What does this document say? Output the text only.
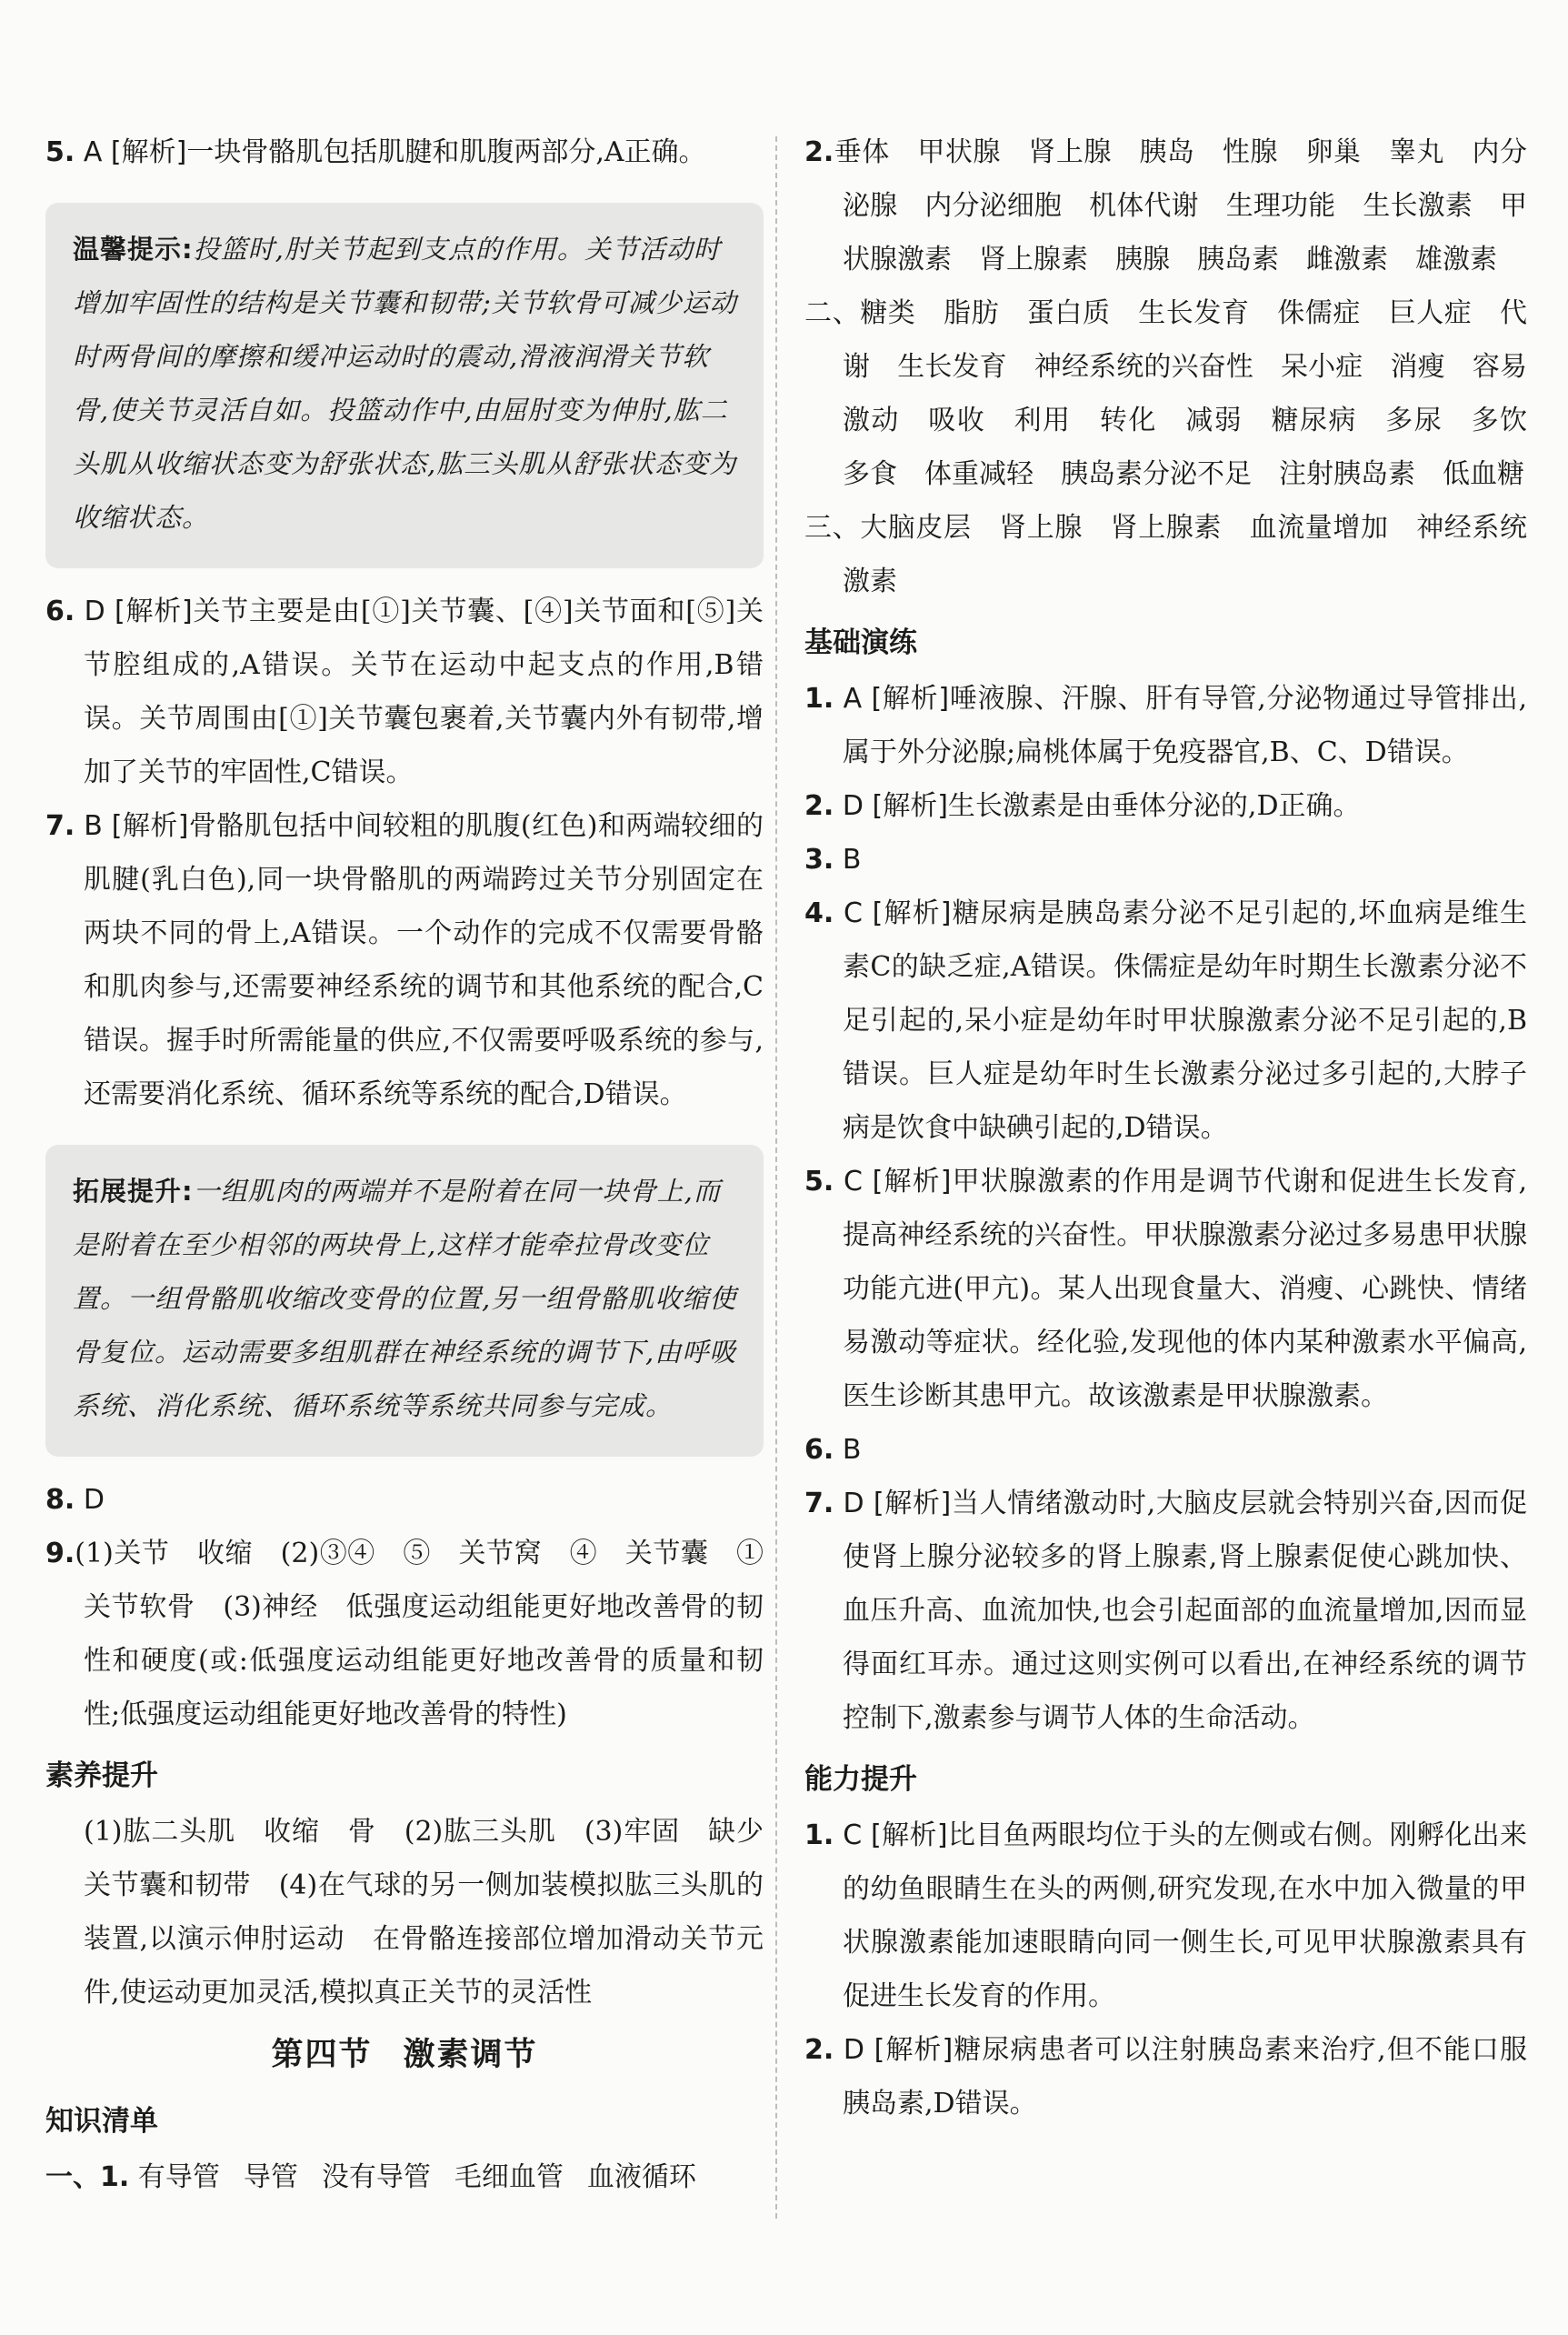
5. A [解析]一块骨骼肌包括肌腱和肌腹两部分,A正确。

温馨提示:投篮时,肘关节起到支点的作用。关节活动时增加牢固性的结构是关节囊和韧带;关节软骨可减少运动时两骨间的摩擦和缓冲运动时的震动,滑液润滑关节软骨,使关节灵活自如。投篮动作中,由屈肘变为伸肘,肱二头肌从收缩状态变为舒张状态,肱三头肌从舒张状态变为收缩状态。

6. D [解析]关节主要是由[①]关节囊、[④]关节面和[⑤]关节腔组成的,A错误。关节在运动中起支点的作用,B错误。关节周围由[①]关节囊包裹着,关节囊内外有韧带,增加了关节的牢固性,C错误。

7. B [解析]骨骼肌包括中间较粗的肌腹(红色)和两端较细的肌腱(乳白色),同一块骨骼肌的两端跨过关节分别固定在两块不同的骨上,A错误。一个动作的完成不仅需要骨骼和肌肉参与,还需要神经系统的调节和其他系统的配合,C错误。握手时所需能量的供应,不仅需要呼吸系统的参与,还需要消化系统、循环系统等系统的配合,D错误。

拓展提升:一组肌肉的两端并不是附着在同一块骨上,而是附着在至少相邻的两块骨上,这样才能牵拉骨改变位置。一组骨骼肌收缩改变骨的位置,另一组骨骼肌收缩使骨复位。运动需要多组肌群在神经系统的调节下,由呼吸系统、消化系统、循环系统等系统共同参与完成。

8. D

9.(1)关节　收缩　(2)③④　⑤　关节窝　④　关节囊　①　关节软骨　(3)神经　低强度运动组能更好地改善骨的韧性和硬度(或:低强度运动组能更好地改善骨的质量和韧性;低强度运动组能更好地改善骨的特性)

素养提升

(1)肱二头肌　收缩　骨　(2)肱三头肌　(3)牢固　缺少关节囊和韧带　(4)在气球的另一侧加装模拟肱三头肌的装置,以演示伸肘运动　在骨骼连接部位增加滑动关节元件,使运动更加灵活,模拟真正关节的灵活性

第四节 激素调节
知识清单

一、1. 有导管 导管 没有导管 毛细血管 血液循环

2.垂体　甲状腺　肾上腺　胰岛　性腺　卵巢　睾丸　内分泌腺　内分泌细胞　机体代谢　生理功能　生长激素　甲状腺激素　肾上腺素　胰腺　胰岛素　雌激素　雄激素

二、糖类　脂肪　蛋白质　生长发育　侏儒症　巨人症　代谢　生长发育　神经系统的兴奋性　呆小症　消瘦　容易激动　吸收　利用　转化　减弱　糖尿病　多尿　多饮　多食　体重减轻　胰岛素分泌不足　注射胰岛素　低血糖

三、大脑皮层　肾上腺　肾上腺素　血流量增加　神经系统　激素

基础演练

1. A [解析]唾液腺、汗腺、肝有导管,分泌物通过导管排出,属于外分泌腺;扁桃体属于免疫器官,B、C、D错误。

2. D [解析]生长激素是由垂体分泌的,D正确。

3. B

4. C [解析]糖尿病是胰岛素分泌不足引起的,坏血病是维生素C的缺乏症,A错误。侏儒症是幼年时期生长激素分泌不足引起的,呆小症是幼年时甲状腺激素分泌不足引起的,B错误。巨人症是幼年时生长激素分泌过多引起的,大脖子病是饮食中缺碘引起的,D错误。

5. C [解析]甲状腺激素的作用是调节代谢和促进生长发育,提高神经系统的兴奋性。甲状腺激素分泌过多易患甲状腺功能亢进(甲亢)。某人出现食量大、消瘦、心跳快、情绪易激动等症状。经化验,发现他的体内某种激素水平偏高,医生诊断其患甲亢。故该激素是甲状腺激素。

6. B

7. D [解析]当人情绪激动时,大脑皮层就会特别兴奋,因而促使肾上腺分泌较多的肾上腺素,肾上腺素促使心跳加快、血压升高、血流加快,也会引起面部的血流量增加,因而显得面红耳赤。通过这则实例可以看出,在神经系统的调节控制下,激素参与调节人体的生命活动。

能力提升

1. C [解析]比目鱼两眼均位于头的左侧或右侧。刚孵化出来的幼鱼眼睛生在头的两侧,研究发现,在水中加入微量的甲状腺激素能加速眼睛向同一侧生长,可见甲状腺激素具有促进生长发育的作用。

2. D [解析]糖尿病患者可以注射胰岛素来治疗,但不能口服胰岛素,D错误。
